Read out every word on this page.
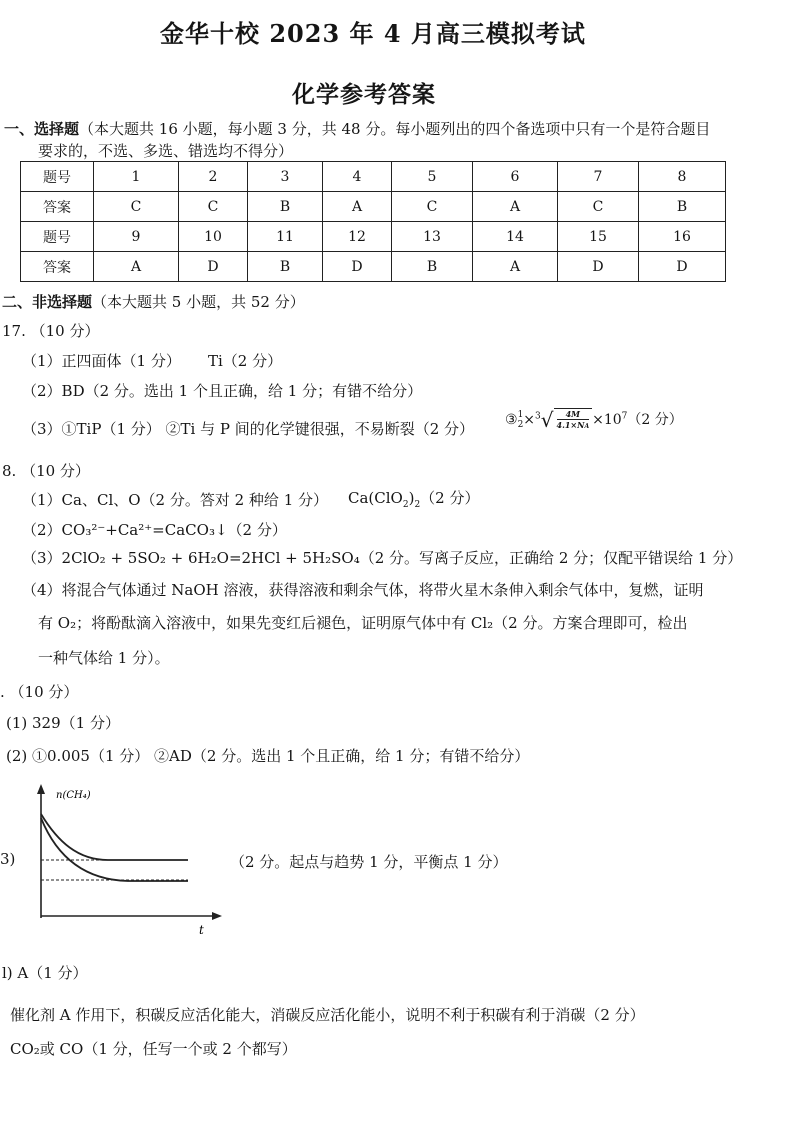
金华十校 2023 年 4 月高三模拟考试
化学参考答案
一、选择题（本大题共 16 小题，每小题 3 分，共 48 分。每小题列出的四个备选项中只有一个是符合题目
要求的，不选、多选、错选均不得分）
题号	1	2	3	4	5	6	7	8
答案	C	C	B	A	C	A	C	B
题号	9	10	11	12	13	14	15	16
答案	A	D	B	D	B	A	D	D
二、非选择题（本大题共 5 小题，共 52 分）
17. （10 分）
（1）正四面体（1 分） Ti（2 分）
（2）BD（2 分。选出 1 个且正确，给 1 分；有错不给分）
（3）①TiP（1 分） ②Ti 与 P 间的化学键很强，不易断裂（2 分） ③1
$2\times^3√ \frac{4M}{4.1\times NA} \times 10^7(2$ 分）
8. （10 分）
（1）Ca、Cl、O（2 分。答对 2 种给 1 分） $Ca(ClO_2)_2(2$ 分）
（2）CO₃²⁻+Ca²⁺=CaCO₃↓（2 分）
（3）2ClO₂ + 5SO₂ + 6H₂O=2HCl + 5H₂SO₄（2 分。写离子反应，正确给 2 分；仅配平错误给 1 分）
（4）将混合气体通过 NaOH 溶液，获得溶液和剩余气体，将带火星木条伸入剩余气体中，复燃，证明
有 O₂；将酚酞滴入溶液中，如果先变红后褪色，证明原气体中有 Cl₂（2 分。方案合理即可，检出
一种气体给 1 分）。
. （10 分）
(1) 329（1 分）
(2) ①0.005（1 分） ②AD（2 分。选出 1 个且正确，给 1 分；有错不给分）
3)
n(CH₄)
t
（2 分。起点与趋势 1 分，平衡点 1 分）
l) A（1 分）
催化剂 A 作用下，积碳反应活化能大，消碳反应活化能小，说明不利于积碳有利于消碳（2 分）
CO₂或 CO（1 分，任写一个或 2 个都写）
